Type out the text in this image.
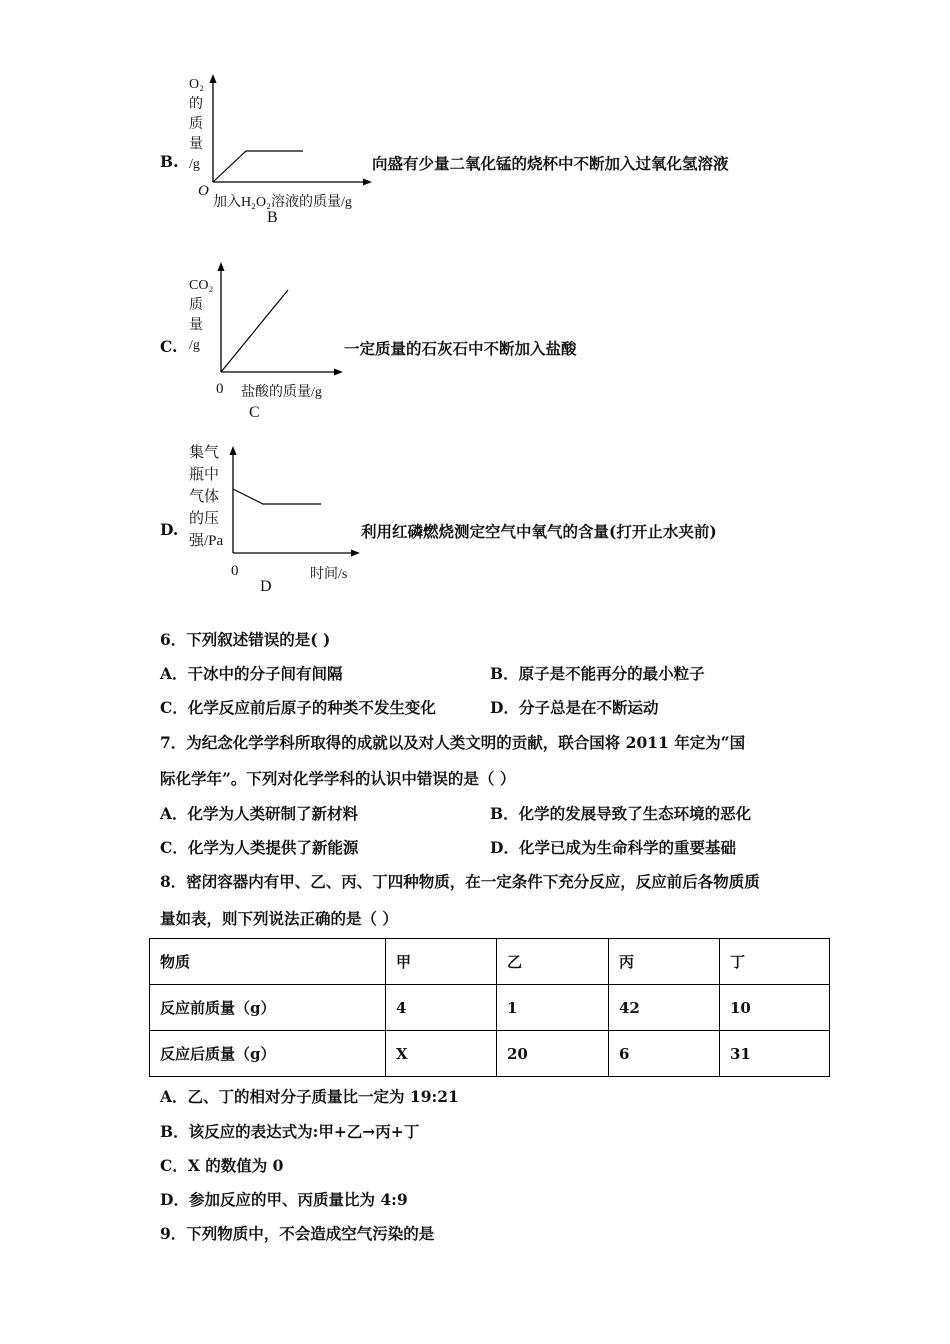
B.
O₂
的
质
量
/g
O
加入H₂O₂溶液的质量/g
B
向盛有少量二氧化锰的烧杯中不断加入过氧化氢溶液
C.
CO₂
质
量
/g
0 盐酸的质量/g
C
一定质量的石灰石中不断加入盐酸
D.
集气
瓶中
气体
的压
强/Pa
0	时间/s
D
利用红磷燃烧测定空气中氧气的含量(打开止水夹前)
6．下列叙述错误的是( )
A．干冰中的分子间有间隔	B．原子是不能再分的最小粒子
C．化学反应前后原子的种类不发生变化	D．分子总是在不断运动
7．为纪念化学学科所取得的成就以及对人类文明的贡献，联合国将 2011 年定为“国
际化学年”。下列对化学学科的认识中错误的是（ ）
A．化学为人类研制了新材料	B．化学的发展导致了生态环境的恶化
C．化学为人类提供了新能源	D．化学已成为生命科学的重要基础
8．密闭容器内有甲、乙、丙、丁四种物质，在一定条件下充分反应，反应前后各物质质
量如表，则下列说法正确的是（ ）
物质	甲	乙	丙	丁
反应前质量（g）	4	1	42	10
反应后质量（g）	X	20	6	31
A．乙、丁的相对分子质量比一定为 19:21
B．该反应的表达式为:甲+乙→丙+丁
C．X 的数值为 0
D．参加反应的甲、丙质量比为 4:9
9．下列物质中，不会造成空气污染的是
